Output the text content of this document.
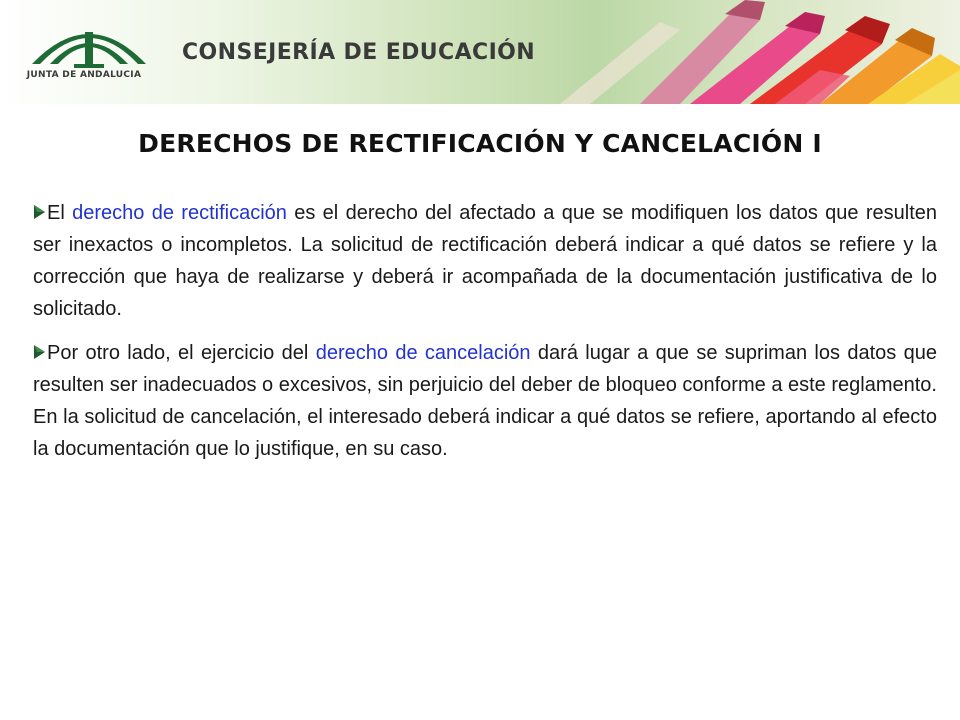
JUNTA DE ANDALUCIA
CONSEJERÍA DE EDUCACIÓN
DERECHOS DE RECTIFICACIÓN Y CANCELACIÓN I

El derecho de rectificación es el derecho del afectado a que se modifiquen los datos que resulten ser inexactos o incompletos. La solicitud de rectificación deberá indicar a qué datos se refiere y la corrección que haya de realizarse y deberá ir acompañada de la documentación justificativa de lo solicitado.

Por otro lado, el ejercicio del derecho de cancelación dará lugar a que se supriman los datos que resulten ser inadecuados o excesivos, sin perjuicio del deber de bloqueo conforme a este reglamento. En la solicitud de cancelación, el interesado deberá indicar a qué datos se refiere, aportando al efecto la documentación que lo justifique, en su caso.
